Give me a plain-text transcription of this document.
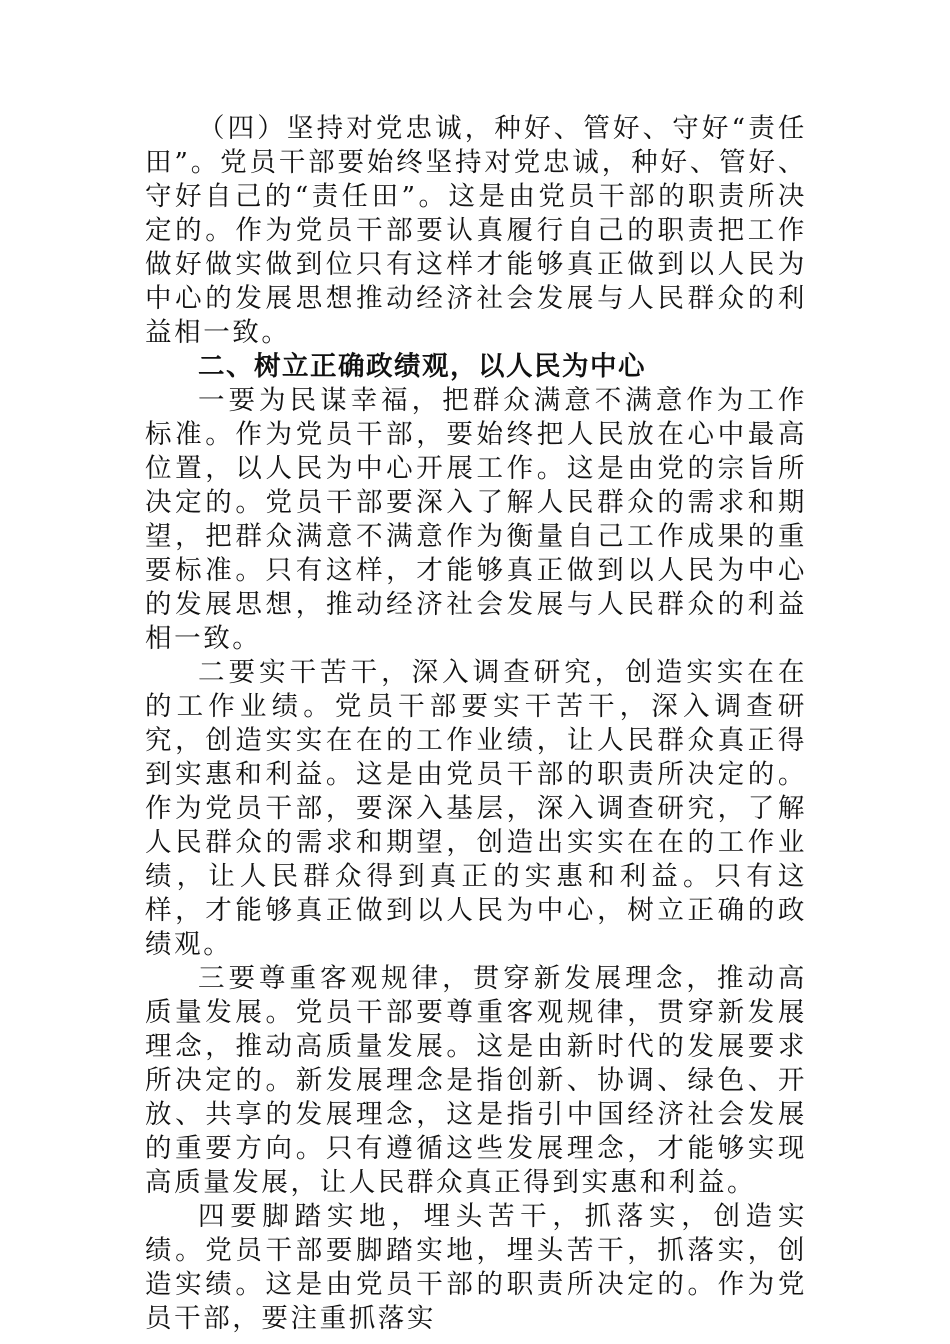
（四）坚持对党忠诚，种好、管好、守好“责任田”。党员干部要始终坚持对党忠诚，种好、管好、守好自己的“责任田”。这是由党员干部的职责所决定的。作为党员干部要认真履行自己的职责把工作做好做实做到位只有这样才能够真正做到以人民为中心的发展思想推动经济社会发展与人民群众的利益相一致。

二、树立正确政绩观，以人民为中心

一要为民谋幸福，把群众满意不满意作为工作标准。作为党员干部，要始终把人民放在心中最高位置，以人民为中心开展工作。这是由党的宗旨所决定的。党员干部要深入了解人民群众的需求和期望，把群众满意不满意作为衡量自己工作成果的重要标准。只有这样，才能够真正做到以人民为中心的发展思想，推动经济社会发展与人民群众的利益相一致。

二要实干苦干，深入调查研究，创造实实在在的工作业绩。党员干部要实干苦干，深入调查研究，创造实实在在的工作业绩，让人民群众真正得到实惠和利益。这是由党员干部的职责所决定的。作为党员干部，要深入基层，深入调查研究，了解人民群众的需求和期望，创造出实实在在的工作业绩，让人民群众得到真正的实惠和利益。只有这样，才能够真正做到以人民为中心，树立正确的政绩观。

三要尊重客观规律，贯穿新发展理念，推动高质量发展。党员干部要尊重客观规律，贯穿新发展理念，推动高质量发展。这是由新时代的发展要求所决定的。新发展理念是指创新、协调、绿色、开放、共享的发展理念，这是指引中国经济社会发展的重要方向。只有遵循这些发展理念，才能够实现高质量发展，让人民群众真正得到实惠和利益。

四要脚踏实地，埋头苦干，抓落实，创造实绩。党员干部要脚踏实地，埋头苦干，抓落实，创造实绩。这是由党员干部的职责所决定的。作为党员干部，要注重抓落实
